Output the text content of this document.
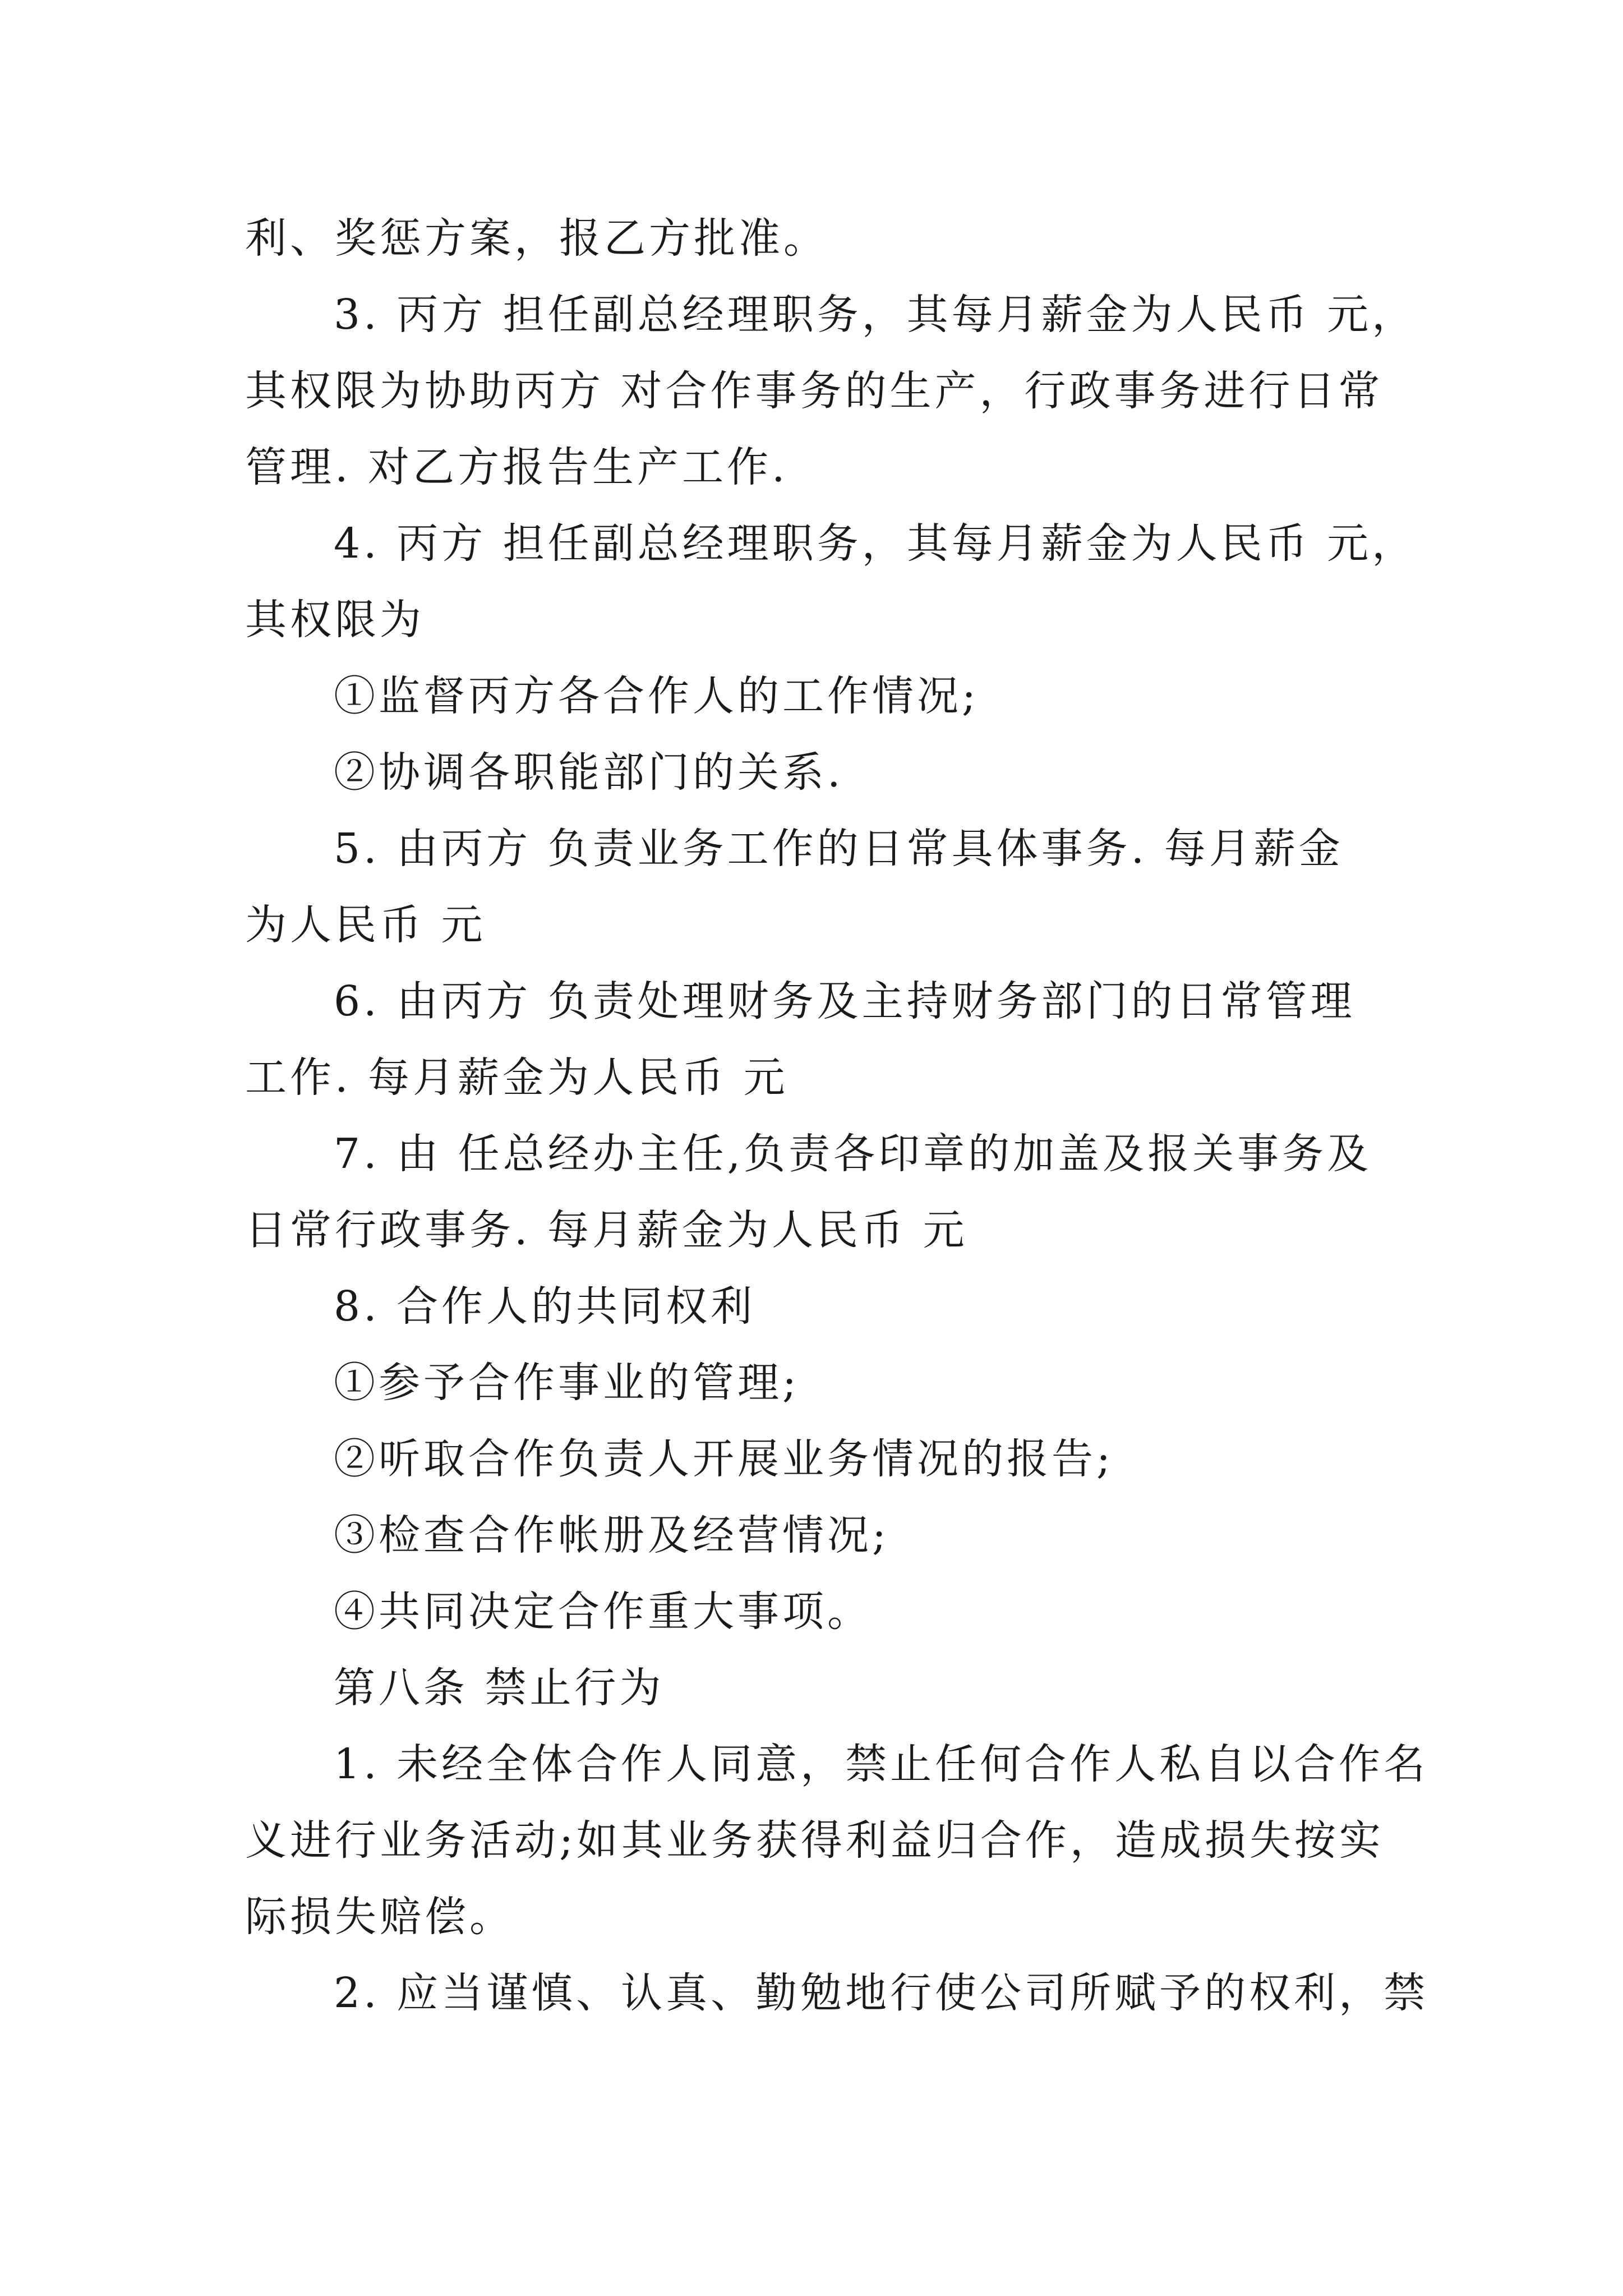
利、奖惩方案，报乙方批准。
3. 丙方 担任副总经理职务，其每月薪金为人民币 元，
其权限为协助丙方 对合作事务的生产，行政事务进行日常
管理. 对乙方报告生产工作.
4. 丙方 担任副总经理职务，其每月薪金为人民币 元，
其权限为
①监督丙方各合作人的工作情况;
②协调各职能部门的关系.
5. 由丙方 负责业务工作的日常具体事务. 每月薪金
为人民币 元
6. 由丙方 负责处理财务及主持财务部门的日常管理
工作. 每月薪金为人民币 元
7. 由 任总经办主任,负责各印章的加盖及报关事务及
日常行政事务. 每月薪金为人民币 元
8. 合作人的共同权利
①参予合作事业的管理;
②听取合作负责人开展业务情况的报告;
③检查合作帐册及经营情况;
④共同决定合作重大事项。
第八条 禁止行为
1. 未经全体合作人同意，禁止任何合作人私自以合作名
义进行业务活动;如其业务获得利益归合作，造成损失按实
际损失赔偿。
2. 应当谨慎、认真、勤勉地行使公司所赋予的权利，禁
